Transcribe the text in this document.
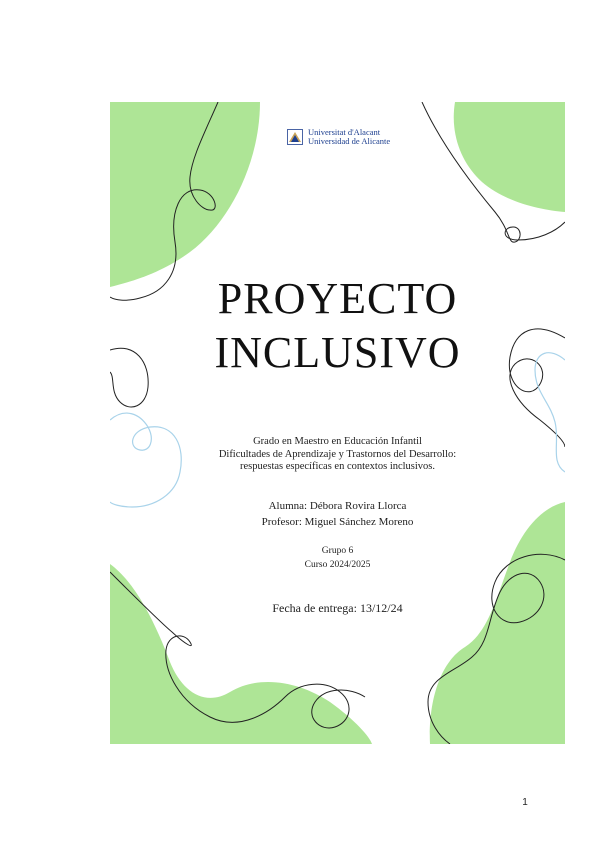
Universitat d'Alacant
Universidad de Alicante
PROYECTO
INCLUSIVO
Grado en Maestro en Educación Infantil
Dificultades de Aprendizaje y Trastornos del Desarrollo:
respuestas específicas en contextos inclusivos.
Alumna: Débora Rovira Llorca
Profesor: Miguel Sánchez Moreno
Grupo 6
Curso 2024/2025
Fecha de entrega: 13/12/24
1
